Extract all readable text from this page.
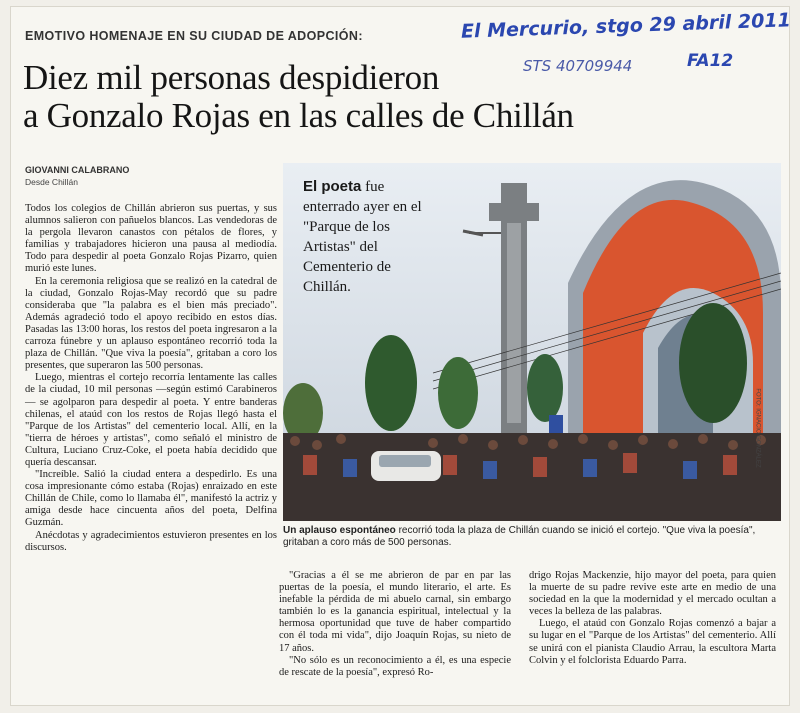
El Mercurio, stgo 29 abril 2011
STS 40709944	FA12
EMOTIVO HOMENAJE EN SU CIUDAD DE ADOPCIÓN:
Diez mil personas despidieron
a Gonzalo Rojas en las calles de Chillán
GIOVANNI CALABRANO
Desde Chillán

Todos los colegios de Chillán abrieron sus puertas, y sus alumnos salieron con pañuelos blancos. Las vendedoras de la pergola llevaron canastos con pétalos de flores, y familias y trabajadores hicieron una pausa al mediodía. Todo para despedir al poeta Gonzalo Rojas Pizarro, quien murió este lunes.

En la ceremonia religiosa que se realizó en la catedral de la ciudad, Gonzalo Rojas-May recordó que su padre consideraba que "la palabra es el bien más preciado". Además agradeció todo el apoyo recibido en estos días. Pasadas las 13:00 horas, los restos del poeta ingresaron a la carroza fúnebre y un aplauso espontáneo recorrió toda la plaza de Chillán. "Que viva la poesía", gritaban a coro los presentes, que superaron las 500 personas.

Luego, mientras el cortejo recorría lentamente las calles de la ciudad, 10 mil personas —según estimó Carabineros— se agolparon para despedir al poeta. Y entre banderas chilenas, el ataúd con los restos de Rojas llegó hasta el "Parque de los Artistas" del cementerio local. Allí, en la "tierra de héroes y artistas", como señaló el ministro de Cultura, Luciano Cruz-Coke, el poeta había decidido que quería descansar.

"Increíble. Salió la ciudad entera a despedirlo. Es una cosa impresionante cómo estaba (Rojas) enraizado en este Chillán de Chile, como lo llamaba él", manifestó la actriz y amiga desde hace cincuenta años del poeta, Delfina Guzmán.

Anécdotas y agradecimientos estuvieron presentes en los discursos.

El poeta fue enterrado ayer en el "Parque de los Artistas" del Cementerio de Chillán.
FOTO: IGNACIO GONZÁLEZ
Un aplauso espontáneo recorrió toda la plaza de Chillán cuando se inició el cortejo. "Que viva la poesía", gritaban a coro más de 500 personas.

"Gracias a él se me abrieron de par en par las puertas de la poesía, el mundo literario, el arte. Es inefable la pérdida de mi abuelo carnal, sin embargo también lo es la ganancia espiritual, intelectual y la hermosa oportunidad que tuve de haber compartido con él toda mi vida", dijo Joaquín Rojas, su nieto de 17 años.

"No sólo es un reconocimiento a él, es una especie de rescate de la poesía", expresó Ro-

drigo Rojas Mackenzie, hijo mayor del poeta, para quien la muerte de su padre revive este arte en medio de una sociedad en la que la modernidad y el mercado ocultan a veces la belleza de las palabras.

Luego, el ataúd con Gonzalo Rojas comenzó a bajar a su lugar en el "Parque de los Artistas" del cementerio. Allí se unirá con el pianista Claudio Arrau, la escultora Marta Colvin y el folclorista Eduardo Parra.
